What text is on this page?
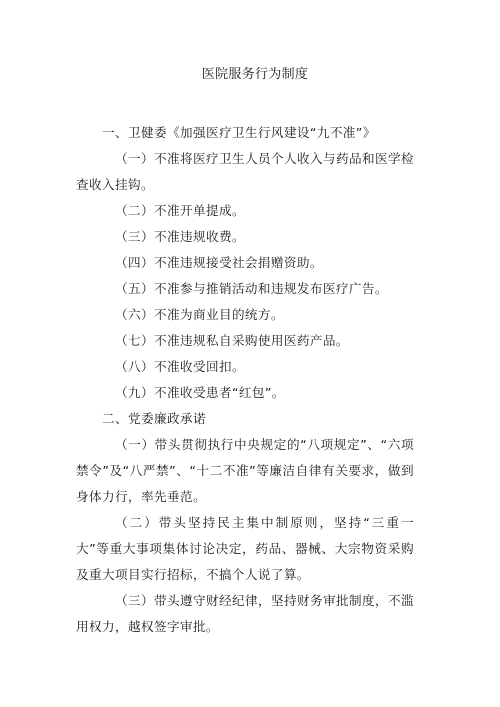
医院服务行为制度

一、卫健委《加强医疗卫生行风建设“九不准”》

（一）不准将医疗卫生人员个人收入与药品和医学检查收入挂钩。

（二）不准开单提成。

（三）不准违规收费。

（四）不准违规接受社会捐赠资助。

（五）不准参与推销活动和违规发布医疗广告。

（六）不准为商业目的统方。

（七）不准违规私自采购使用医药产品。

（八）不准收受回扣。

（九）不准收受患者“红包”。

二、党委廉政承诺

（一）带头贯彻执行中央规定的“八项规定”、“六项禁令”及“八严禁”、“十二不准”等廉洁自律有关要求，做到身体力行，率先垂范。

（二）带头坚持民主集中制原则，坚持“三重一大”等重大事项集体讨论决定，药品、器械、大宗物资采购及重大项目实行招标，不搞个人说了算。

（三）带头遵守财经纪律，坚持财务审批制度，不滥用权力，越权签字审批。
